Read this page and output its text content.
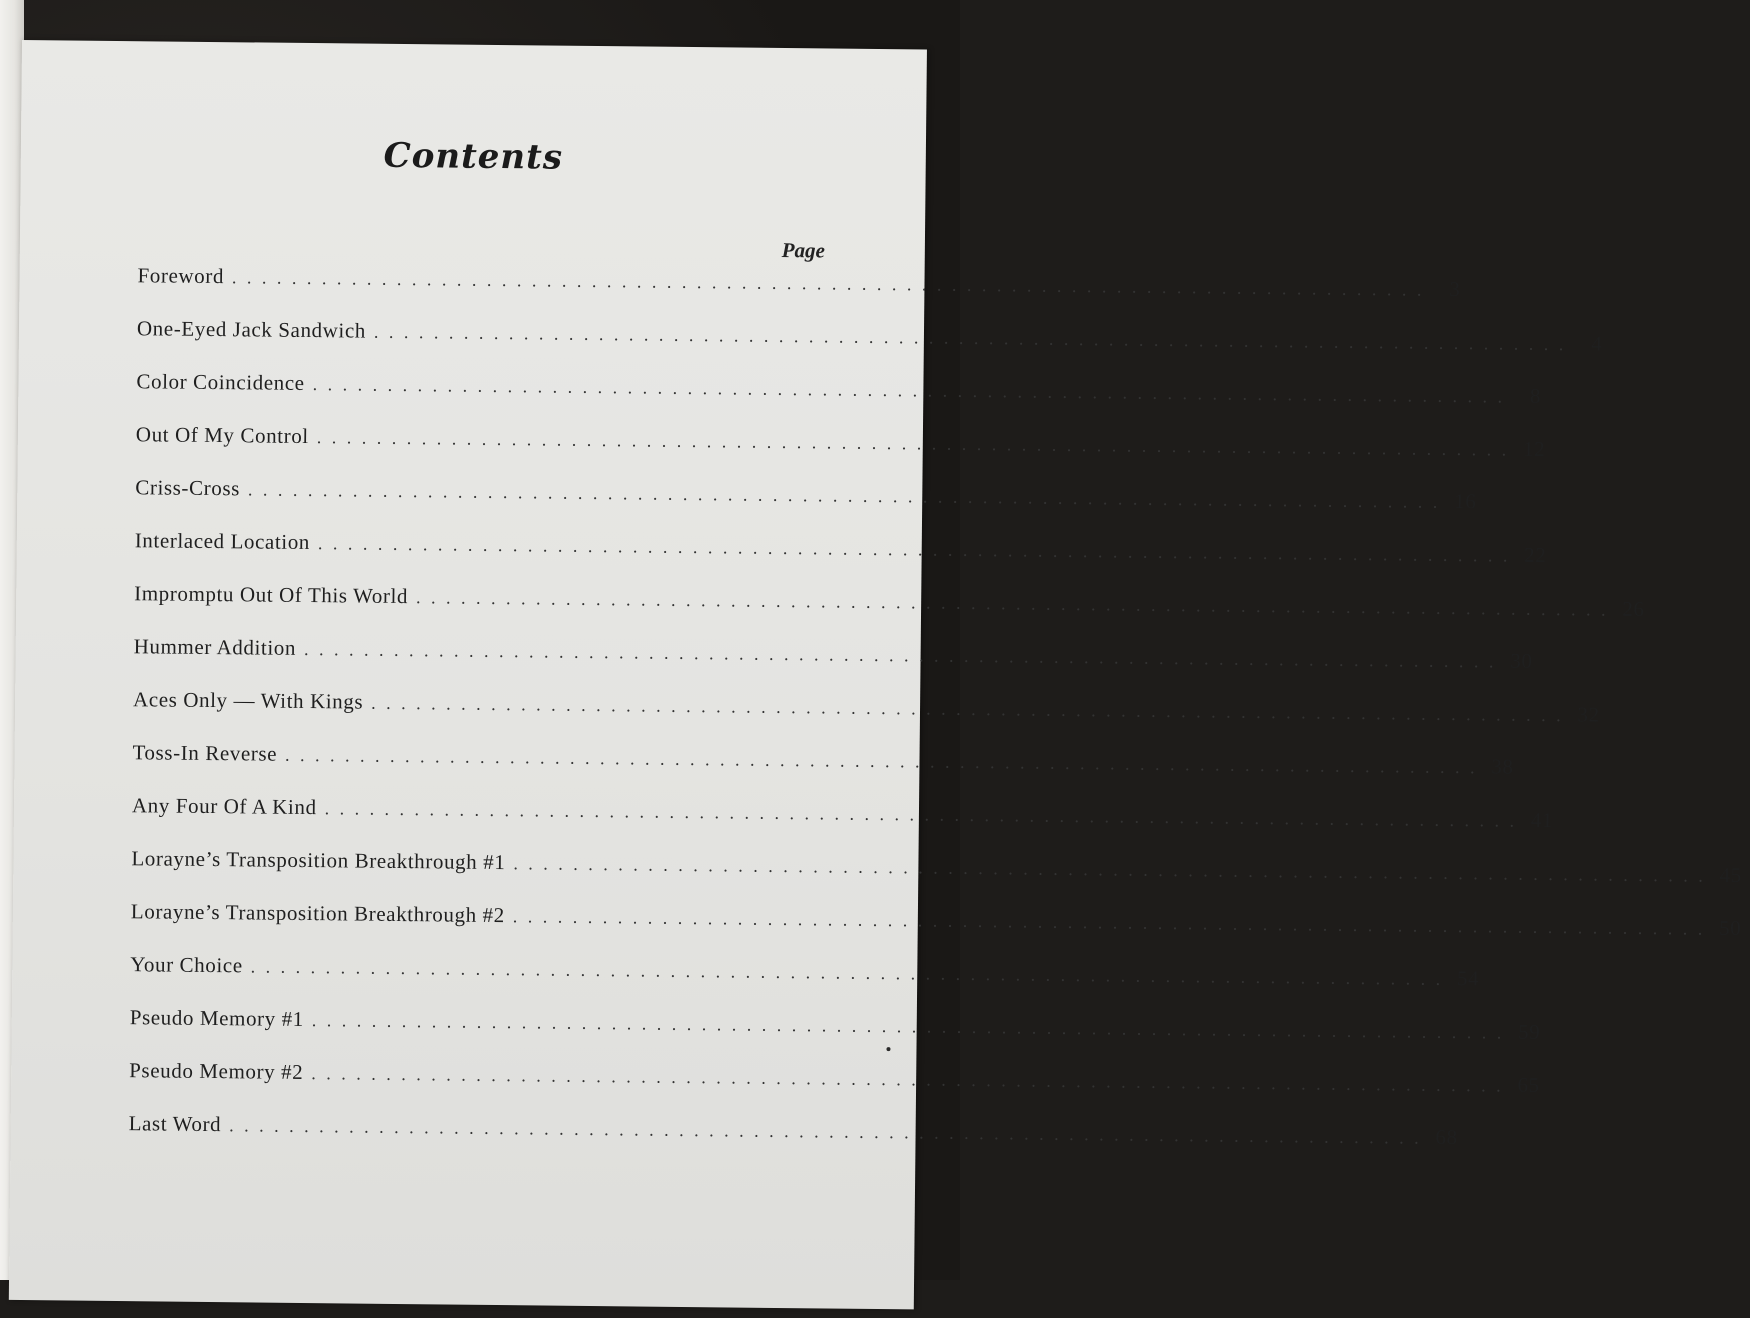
Contents
Page
Foreword . . . . . . . . . . . . . . . . . . . . . . . . . . . . . . . . . . . . . . . . . . . . . . . . . . . . . . . . . . . . . . . . . . . . . . . . . . . . . . . .	3
One-Eyed Jack Sandwich . . . . . . . . . . . . . . . . . . . . . . . . . . . . . . . . . . . . . . . . . . . . . . . . . . . . . . . . . . . . . . . . . . . . . . . . . . . . . . . .	4
Color Coincidence . . . . . . . . . . . . . . . . . . . . . . . . . . . . . . . . . . . . . . . . . . . . . . . . . . . . . . . . . . . . . . . . . . . . . . . . . . . . . . . .	8
Out Of My Control . . . . . . . . . . . . . . . . . . . . . . . . . . . . . . . . . . . . . . . . . . . . . . . . . . . . . . . . . . . . . . . . . . . . . . . . . . . . . . . . 12
Criss-Cross . . . . . . . . . . . . . . . . . . . . . . . . . . . . . . . . . . . . . . . . . . . . . . . . . . . . . . . . . . . . . . . . . . . . . . . . . . . . . . . . 16
Interlaced Location . . . . . . . . . . . . . . . . . . . . . . . . . . . . . . . . . . . . . . . . . . . . . . . . . . . . . . . . . . . . . . . . . . . . . . . . . . . . . . . . 22
Impromptu Out Of This World . . . . . . . . . . . . . . . . . . . . . . . . . . . . . . . . . . . . . . . . . . . . . . . . . . . . . . . . . . . . . . . . . . . . . . . . . . . . . . . . 26
Hummer Addition . . . . . . . . . . . . . . . . . . . . . . . . . . . . . . . . . . . . . . . . . . . . . . . . . . . . . . . . . . . . . . . . . . . . . . . . . . . . . . . . 30
Aces Only — With Kings . . . . . . . . . . . . . . . . . . . . . . . . . . . . . . . . . . . . . . . . . . . . . . . . . . . . . . . . . . . . . . . . . . . . . . . . . . . . . . . . 32
Toss-In Reverse . . . . . . . . . . . . . . . . . . . . . . . . . . . . . . . . . . . . . . . . . . . . . . . . . . . . . . . . . . . . . . . . . . . . . . . . . . . . . . . . 38
Any Four Of A Kind . . . . . . . . . . . . . . . . . . . . . . . . . . . . . . . . . . . . . . . . . . . . . . . . . . . . . . . . . . . . . . . . . . . . . . . . . . . . . . . . 41
Lorayne’s Transposition Breakthrough #1 . . . . . . . . . . . . . . . . . . . . . . . . . . . . . . . . . . . . . . . . . . . . . . . . . . . . . . . . . . . . . . . . . . . . . . . . . . . . . . . . 45
Lorayne’s Transposition Breakthrough #2 . . . . . . . . . . . . . . . . . . . . . . . . . . . . . . . . . . . . . . . . . . . . . . . . . . . . . . . . . . . . . . . . . . . . . . . . . . . . . . . . 50
Your Choice . . . . . . . . . . . . . . . . . . . . . . . . . . . . . . . . . . . . . . . . . . . . . . . . . . . . . . . . . . . . . . . . . . . . . . . . . . . . . . . . 54
Pseudo Memory #1 . . . . . . . . . . . . . . . . . . . . . . . . . . . . . . . . . . . . . . . . . . . . . . . . . . . . . . . . . . . . . . . . . . . . . . . . . . . . . . . . 59
Pseudo Memory #2 . . . . . . . . . . . . . . . . . . . . . . . . . . . . . . . . . . . . . . . . . . . . . . . . . . . . . . . . . . . . . . . . . . . . . . . . . . . . . . . . 65
Last Word . . . . . . . . . . . . . . . . . . . . . . . . . . . . . . . . . . . . . . . . . . . . . . . . . . . . . . . . . . . . . . . . . . . . . . . . . . . . . . . . 68
